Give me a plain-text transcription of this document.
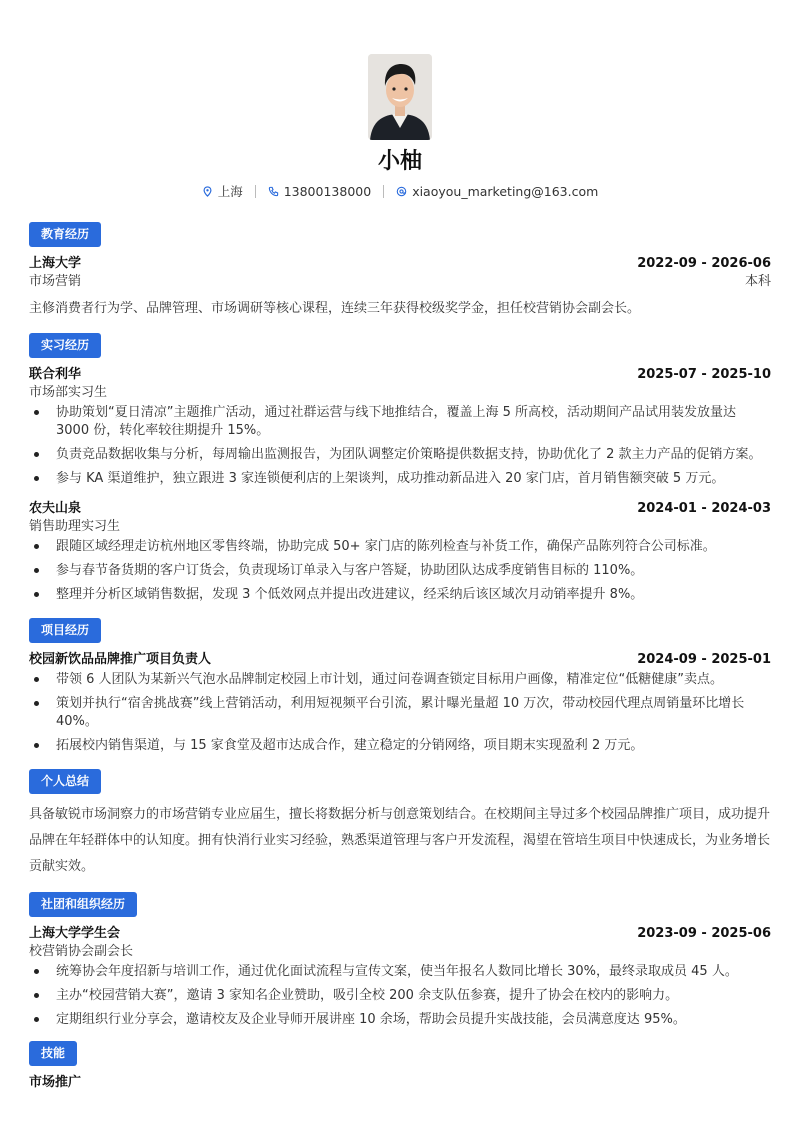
小柚
上海	13800138000	xiaoyou_marketing@163.com
教育经历
上海大学	2022-09 - 2026-06
市场营销	本科
主修消费者行为学、品牌管理、市场调研等核心课程，连续三年获得校级奖学金，担任校营销协会副会长。
实习经历
联合利华	2025-07 - 2025-10
市场部实习生
协助策划“夏日清凉”主题推广活动，通过社群运营与线下地推结合，覆盖上海 5 所高校，活动期间产品试用装发放量达 3000 份，转化率较往期提升 15%。
负责竞品数据收集与分析，每周输出监测报告，为团队调整定价策略提供数据支持，协助优化了 2 款主力产品的促销方案。
参与 KA 渠道维护，独立跟进 3 家连锁便利店的上架谈判，成功推动新品进入 20 家门店，首月销售额突破 5 万元。
农夫山泉	2024-01 - 2024-03
销售助理实习生
跟随区域经理走访杭州地区零售终端，协助完成 50+ 家门店的陈列检查与补货工作，确保产品陈列符合公司标准。
参与春节备货期的客户订货会，负责现场订单录入与客户答疑，协助团队达成季度销售目标的 110%。
整理并分析区域销售数据，发现 3 个低效网点并提出改进建议，经采纳后该区域次月动销率提升 8%。
项目经历
校园新饮品品牌推广项目负责人	2024-09 - 2025-01
带领 6 人团队为某新兴气泡水品牌制定校园上市计划，通过问卷调查锁定目标用户画像，精准定位“低糖健康”卖点。
策划并执行“宿舍挑战赛”线上营销活动，利用短视频平台引流，累计曝光量超 10 万次，带动校园代理点周销量环比增长 40%。
拓展校内销售渠道，与 15 家食堂及超市达成合作，建立稳定的分销网络，项目期末实现盈利 2 万元。
个人总结
具备敏锐市场洞察力的市场营销专业应届生，擅长将数据分析与创意策划结合。在校期间主导过多个校园品牌推广项目，成功提升品牌在年轻群体中的认知度。拥有快消行业实习经验，熟悉渠道管理与客户开发流程，渴望在管培生项目中快速成长，为业务增长贡献实效。
社团和组织经历
上海大学学生会	2023-09 - 2025-06
校营销协会副会长
统筹协会年度招新与培训工作，通过优化面试流程与宣传文案，使当年报名人数同比增长 30%，最终录取成员 45 人。
主办“校园营销大赛”，邀请 3 家知名企业赞助，吸引全校 200 余支队伍参赛，提升了协会在校内的影响力。
定期组织行业分享会，邀请校友及企业导师开展讲座 10 余场，帮助会员提升实战技能，会员满意度达 95%。
技能
市场推广
